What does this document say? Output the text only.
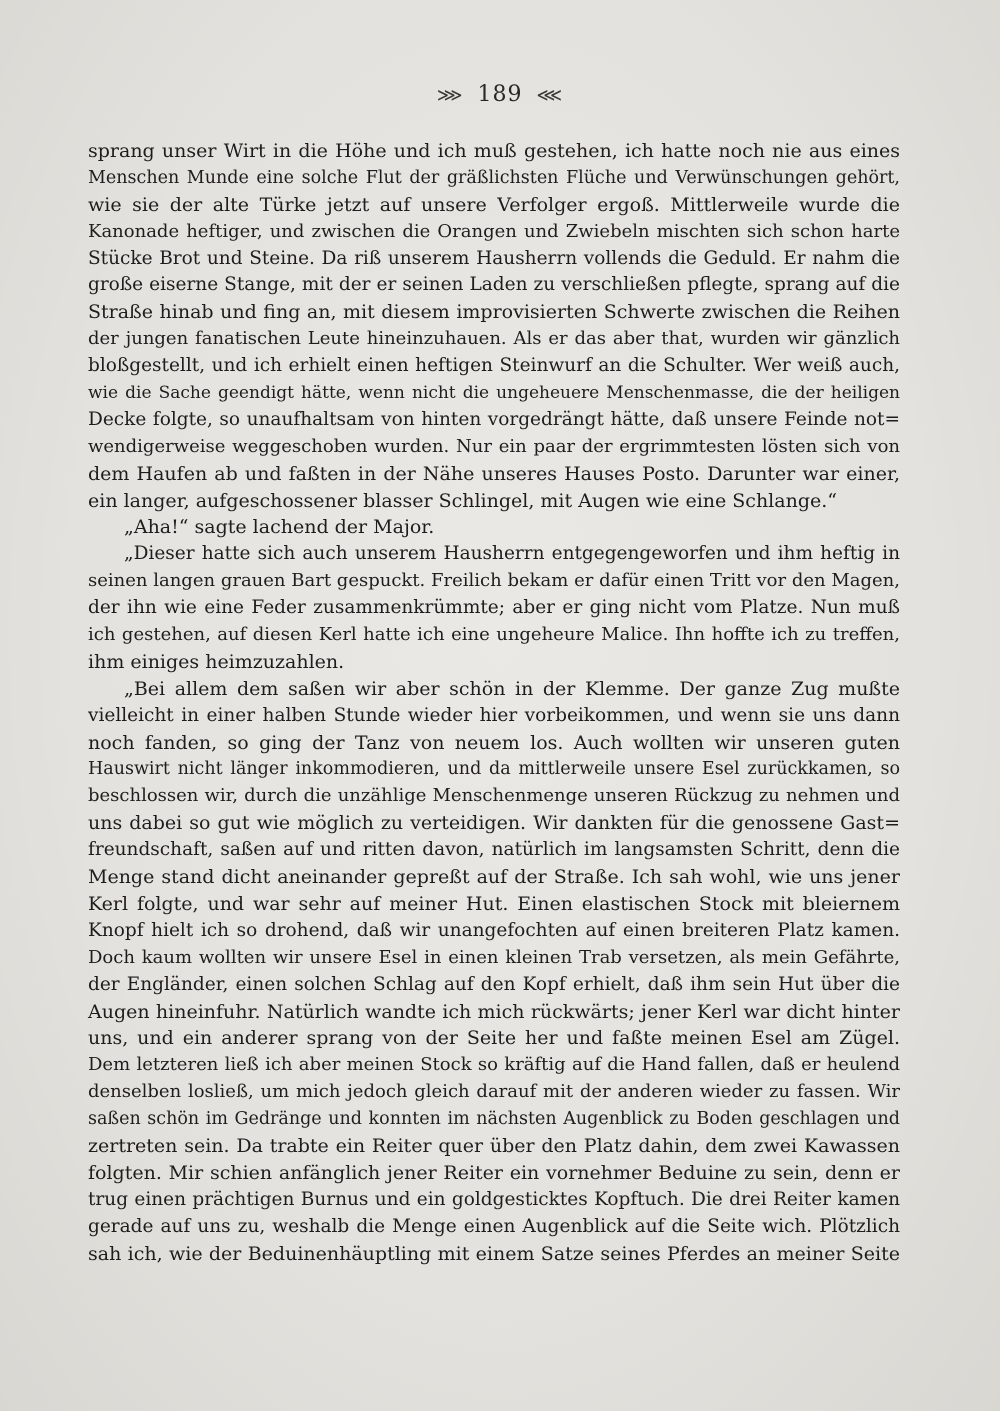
⋙ 189 ⋘
sprang unser Wirt in die Höhe und ich muß gestehen, ich hatte noch nie aus eines
Menschen Munde eine solche Flut der gräßlichsten Flüche und Verwünschungen gehört,
wie sie der alte Türke jetzt auf unsere Verfolger ergoß. Mittlerweile wurde die
Kanonade heftiger, und zwischen die Orangen und Zwiebeln mischten sich schon harte
Stücke Brot und Steine. Da riß unserem Hausherrn vollends die Geduld. Er nahm die
große eiserne Stange, mit der er seinen Laden zu verschließen pflegte, sprang auf die
Straße hinab und fing an, mit diesem improvisierten Schwerte zwischen die Reihen
der jungen fanatischen Leute hineinzuhauen. Als er das aber that, wurden wir gänzlich
bloßgestellt, und ich erhielt einen heftigen Steinwurf an die Schulter. Wer weiß auch,
wie die Sache geendigt hätte, wenn nicht die ungeheuere Menschenmasse, die der heiligen
Decke folgte, so unaufhaltsam von hinten vorgedrängt hätte, daß unsere Feinde not=
wendigerweise weggeschoben wurden. Nur ein paar der ergrimmtesten lösten sich von
dem Haufen ab und faßten in der Nähe unseres Hauses Posto. Darunter war einer,
ein langer, aufgeschossener blasser Schlingel, mit Augen wie eine Schlange.“
„Aha!“ sagte lachend der Major.
„Dieser hatte sich auch unserem Hausherrn entgegengeworfen und ihm heftig in
seinen langen grauen Bart gespuckt. Freilich bekam er dafür einen Tritt vor den Magen,
der ihn wie eine Feder zusammenkrümmte; aber er ging nicht vom Platze. Nun muß
ich gestehen, auf diesen Kerl hatte ich eine ungeheure Malice. Ihn hoffte ich zu treffen,
ihm einiges heimzuzahlen.
„Bei allem dem saßen wir aber schön in der Klemme. Der ganze Zug mußte
vielleicht in einer halben Stunde wieder hier vorbeikommen, und wenn sie uns dann
noch fanden, so ging der Tanz von neuem los. Auch wollten wir unseren guten
Hauswirt nicht länger inkommodieren, und da mittlerweile unsere Esel zurückkamen, so
beschlossen wir, durch die unzählige Menschenmenge unseren Rückzug zu nehmen und
uns dabei so gut wie möglich zu verteidigen. Wir dankten für die genossene Gast=
freundschaft, saßen auf und ritten davon, natürlich im langsamsten Schritt, denn die
Menge stand dicht aneinander gepreßt auf der Straße. Ich sah wohl, wie uns jener
Kerl folgte, und war sehr auf meiner Hut. Einen elastischen Stock mit bleiernem
Knopf hielt ich so drohend, daß wir unangefochten auf einen breiteren Platz kamen.
Doch kaum wollten wir unsere Esel in einen kleinen Trab versetzen, als mein Gefährte,
der Engländer, einen solchen Schlag auf den Kopf erhielt, daß ihm sein Hut über die
Augen hineinfuhr. Natürlich wandte ich mich rückwärts; jener Kerl war dicht hinter
uns, und ein anderer sprang von der Seite her und faßte meinen Esel am Zügel.
Dem letzteren ließ ich aber meinen Stock so kräftig auf die Hand fallen, daß er heulend
denselben losließ, um mich jedoch gleich darauf mit der anderen wieder zu fassen. Wir
saßen schön im Gedränge und konnten im nächsten Augenblick zu Boden geschlagen und
zertreten sein. Da trabte ein Reiter quer über den Platz dahin, dem zwei Kawassen
folgten. Mir schien anfänglich jener Reiter ein vornehmer Beduine zu sein, denn er
trug einen prächtigen Burnus und ein goldgesticktes Kopftuch. Die drei Reiter kamen
gerade auf uns zu, weshalb die Menge einen Augenblick auf die Seite wich. Plötzlich
sah ich, wie der Beduinenhäuptling mit einem Satze seines Pferdes an meiner Seite
